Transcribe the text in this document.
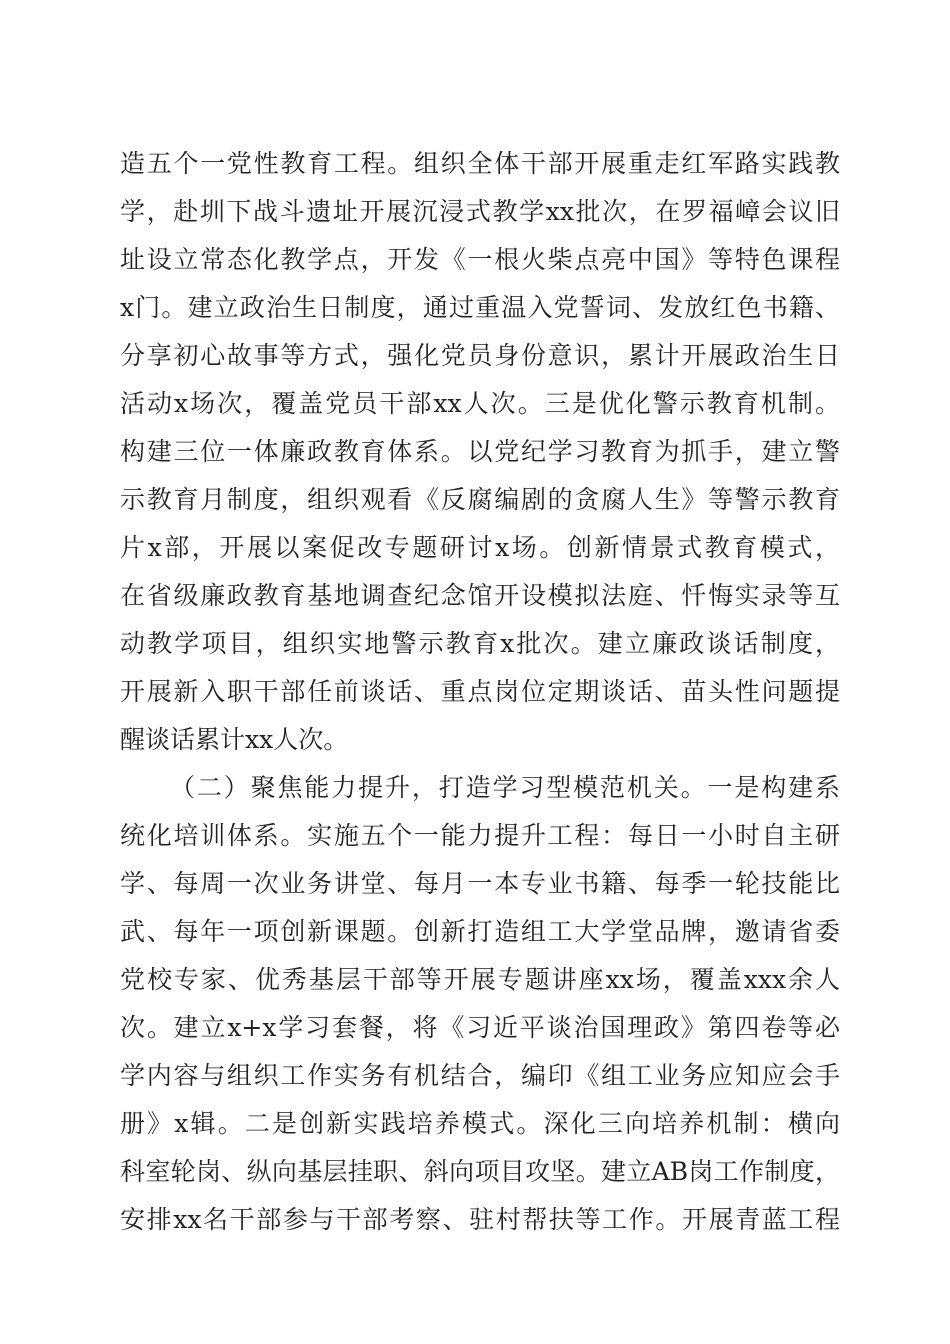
造五个一党性教育工程。组织全体干部开展重走红军路实践教
学，赴圳下战斗遗址开展沉浸式教学xx批次，在罗福嶂会议旧
址设立常态化教学点，开发《一根火柴点亮中国》等特色课程
x门。建立政治生日制度，通过重温入党誓词、发放红色书籍、
分享初心故事等方式，强化党员身份意识，累计开展政治生日
活动x场次，覆盖党员干部xx人次。三是优化警示教育机制。
构建三位一体廉政教育体系。以党纪学习教育为抓手，建立警
示教育月制度，组织观看《反腐编剧的贪腐人生》等警示教育
片x部，开展以案促改专题研讨x场。创新情景式教育模式，
在省级廉政教育基地调查纪念馆开设模拟法庭、忏悔实录等互
动教学项目，组织实地警示教育x批次。建立廉政谈话制度，
开展新入职干部任前谈话、重点岗位定期谈话、苗头性问题提
醒谈话累计xx人次。
（二）聚焦能力提升，打造学习型模范机关。一是构建系
统化培训体系。实施五个一能力提升工程：每日一小时自主研
学、每周一次业务讲堂、每月一本专业书籍、每季一轮技能比
武、每年一项创新课题。创新打造组工大学堂品牌，邀请省委
党校专家、优秀基层干部等开展专题讲座xx场，覆盖xxx余人
次。建立x+x学习套餐，将《习近平谈治国理政》第四卷等必
学内容与组织工作实务有机结合，编印《组工业务应知应会手
册》x辑。二是创新实践培养模式。深化三向培养机制：横向
科室轮岗、纵向基层挂职、斜向项目攻坚。建立AB岗工作制度，
安排xx名干部参与干部考察、驻村帮扶等工作。开展青蓝工程
